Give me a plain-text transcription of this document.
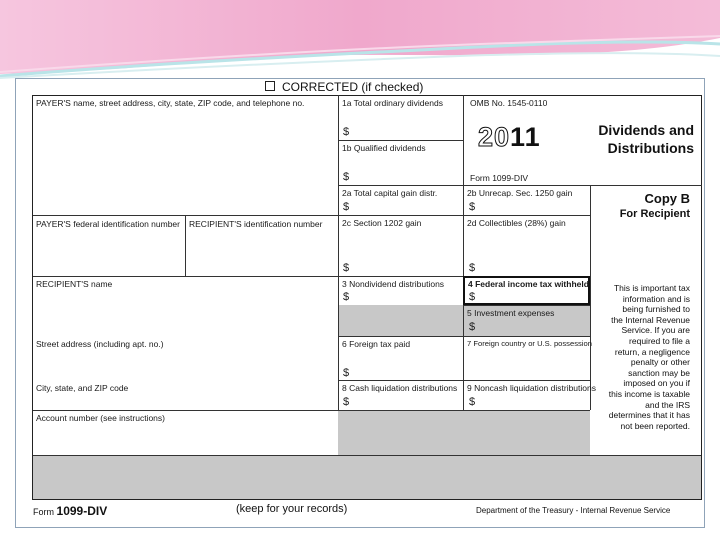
CORRECTED (if checked)
PAYER'S name, street address, city, state, ZIP code, and telephone no.
PAYER'S federal identification number RECIPIENT'S identification number
RECIPIENT'S name
Street address (including apt. no.)
City, state, and ZIP code
Account number (see instructions)
1a Total ordinary dividends
$
1b Qualified dividends
$
2a Total capital gain distr.
$
2c Section 1202 gain
$
3 Nondividend distributions
$
6 Foreign tax paid
$
8 Cash liquidation distributions
$
OMB No. 1545-0110
2011
Form 1099-DIV
2b Unrecap. Sec. 1250 gain
$
2d Collectibles (28%) gain
$
4 Federal income tax withheld
$
5 Investment expenses
$
7 Foreign country or U.S. possession
9 Noncash liquidation distributions
$
Dividends and
Distributions
Copy B
For Recipient
This is important tax
information and is
being furnished to
the Internal Revenue
Service. If you are
required to file a
return, a negligence
penalty or other
sanction may be
imposed on you if
this income is taxable
and the IRS
determines that it has
not been reported.
Form 1099-DIV	(keep for your records)	Department of the Treasury - Internal Revenue Service
